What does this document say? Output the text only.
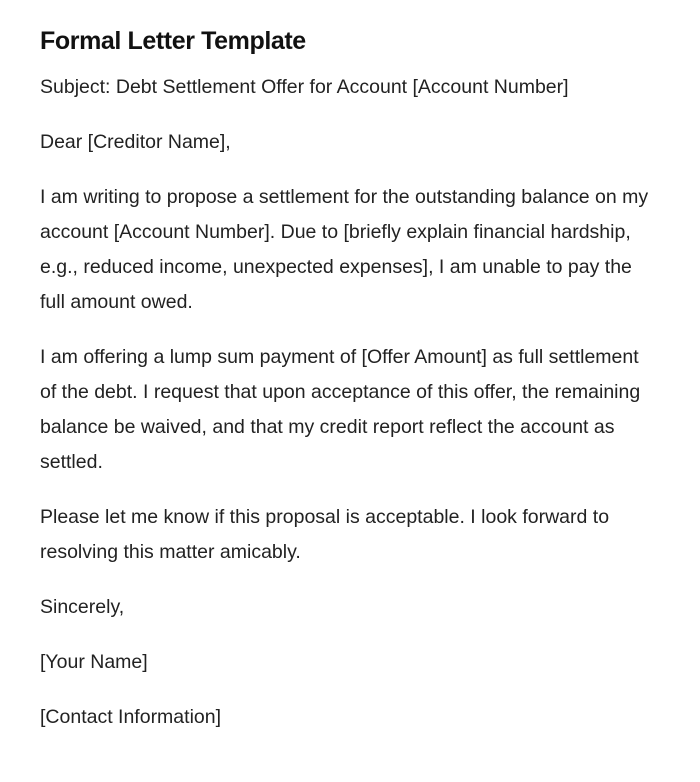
Formal Letter Template

Subject: Debt Settlement Offer for Account [Account Number]

Dear [Creditor Name],

I am writing to propose a settlement for the outstanding balance on my account [Account Number]. Due to [briefly explain financial hardship, e.g., reduced income, unexpected expenses], I am unable to pay the full amount owed.

I am offering a lump sum payment of [Offer Amount] as full settlement of the debt. I request that upon acceptance of this offer, the remaining balance be waived, and that my credit report reflect the account as settled.

Please let me know if this proposal is acceptable. I look forward to resolving this matter amicably.

Sincerely,

[Your Name]

[Contact Information]
